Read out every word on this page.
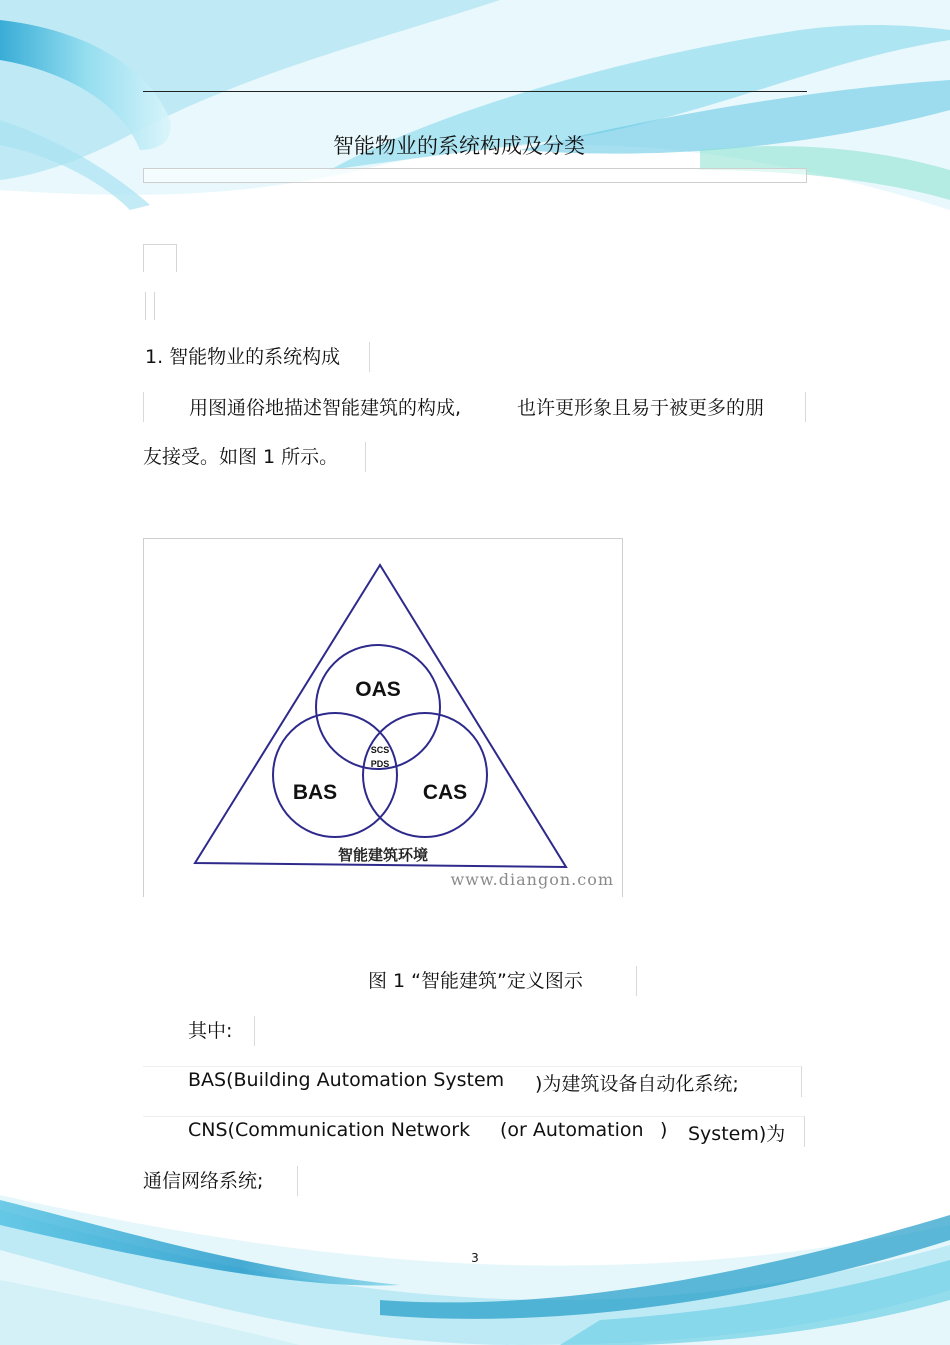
智能物业的系统构成及分类
1. 智能物业的系统构成
用图通俗地描述智能建筑的构成,	也许更形象且易于被更多的朋
友接受。如图 1 所示。
OAS
BAS	CAS
SCS
PDS
智能建筑环境
www.diangon.com
图 1 “智能建筑”定义图示
其中:
BAS(Building Automation System )为建筑设备自动化系统;
CNS(Communication Network (or Automation ) System)为
通信网络系统;
3
